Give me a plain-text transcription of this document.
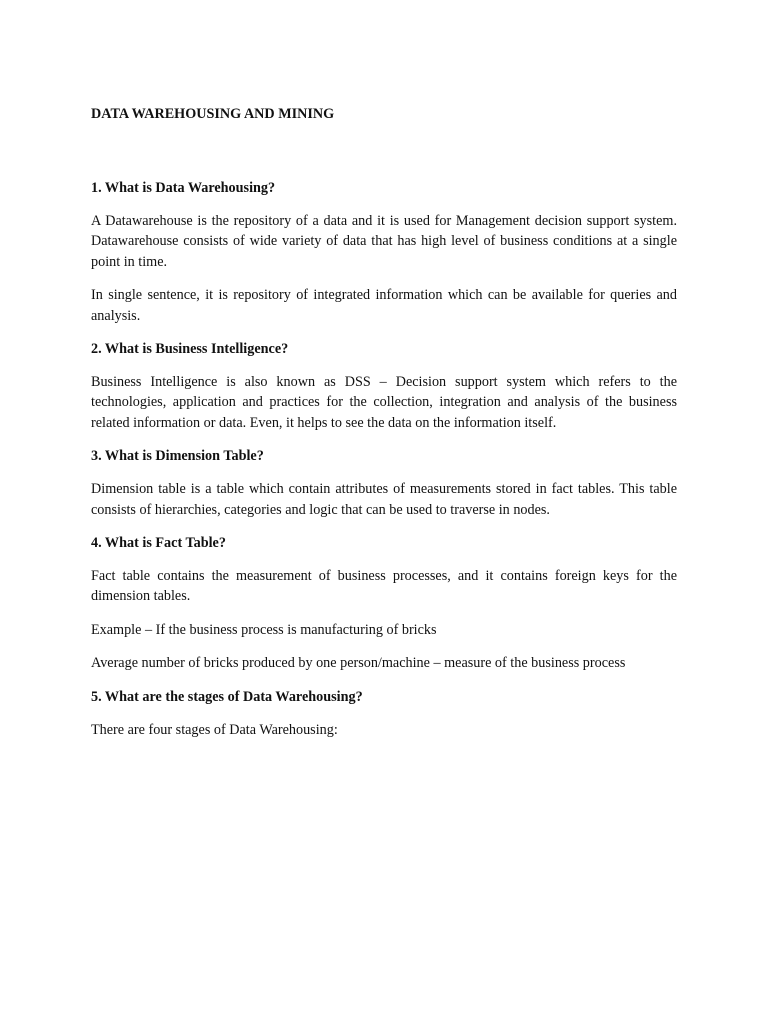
DATA WAREHOUSING AND MINING
1. What is Data Warehousing?

A Datawarehouse is the repository of a data and it is used for Management decision support system. Datawarehouse consists of wide variety of data that has high level of business conditions at a single point in time.

In single sentence, it is repository of integrated information which can be available for queries and analysis.

2. What is Business Intelligence?

Business Intelligence is also known as DSS – Decision support system which refers to the technologies, application and practices for the collection, integration and analysis of the business related information or data. Even, it helps to see the data on the information itself.

3. What is Dimension Table?

Dimension table is a table which contain attributes of measurements stored in fact tables. This table consists of hierarchies, categories and logic that can be used to traverse in nodes.

4. What is Fact Table?

Fact table contains the measurement of business processes, and it contains foreign keys for the dimension tables.

Example – If the business process is manufacturing of bricks

Average number of bricks produced by one person/machine – measure of the business process

5. What are the stages of Data Warehousing?

There are four stages of Data Warehousing:
